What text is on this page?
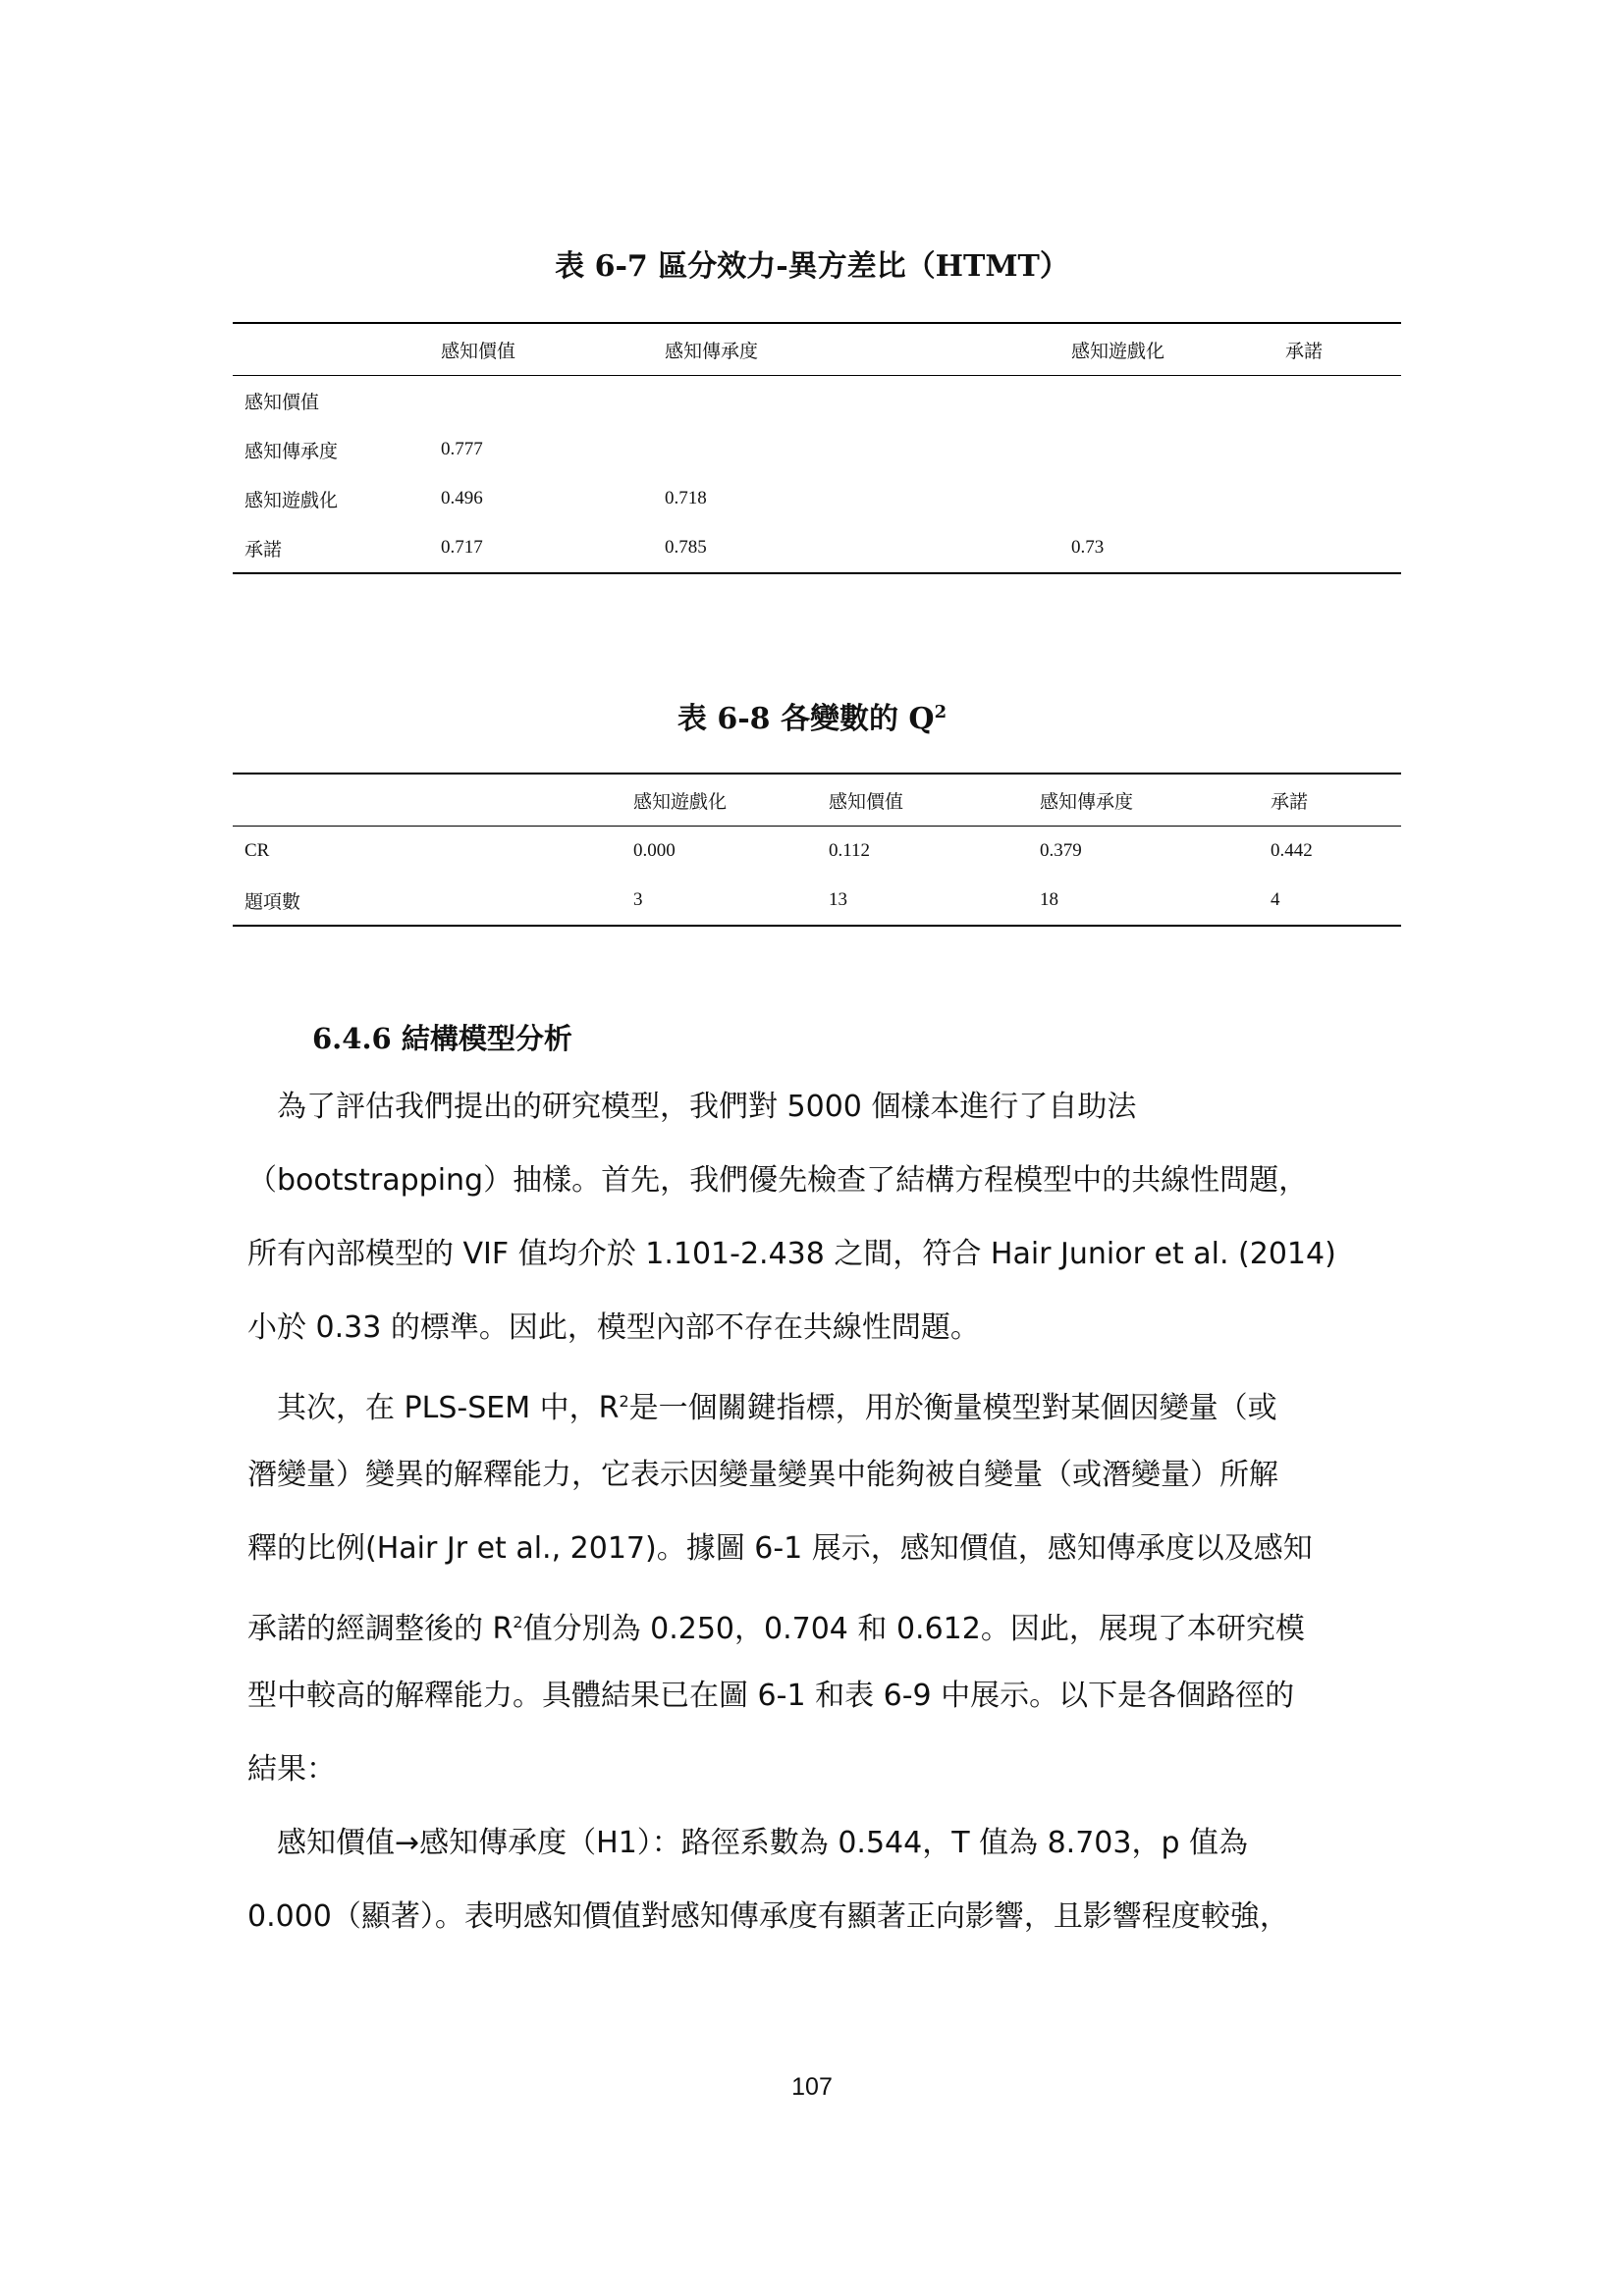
表 6-7 區分效力-異方差比（HTMT）
	感知價值	感知傳承度	感知遊戲化	承諾
感知價值				
感知傳承度	0.777			
感知遊戲化	0.496	0.718		
承諾	0.717	0.785	0.73	
表 6-8 各變數的 $Q^2$
	感知遊戲化	感知價值	感知傳承度	承諾
CR	0.000	0.112	0.379	0.442
題項數	3	13	18	4
6.4.6 結構模型分析
　為了評估我們提出的研究模型，我們對 5000 個樣本進行了自助法
（bootstrapping）抽樣。首先，我們優先檢查了結構方程模型中的共線性問題，
所有內部模型的 VIF 值均介於 1.101-2.438 之間，符合 Hair Junior et al. (2014)
小於 0.33 的標準。因此，模型內部不存在共線性問題。
　其次，在 PLS-SEM 中，$R^2$是一個關鍵指標，用於衡量模型對某個因變量（或
潛變量）變異的解釋能力，它表示因變量變異中能夠被自變量（或潛變量）所解
釋的比例(Hair Jr et al., 2017)。據圖 6-1 展示，感知價值，感知傳承度以及感知
承諾的經調整後的 $R^2$值分別為 0.250，0.704 和 0.612。因此，展現了本研究模
型中較高的解釋能力。具體結果已在圖 6-1 和表 6-9 中展示。以下是各個路徑的
結果：
　感知價值→感知傳承度（H1）：路徑系數為 0.544，T 值為 8.703，p 值為
0.000（顯著）。表明感知價值對感知傳承度有顯著正向影響，且影響程度較強，
107
